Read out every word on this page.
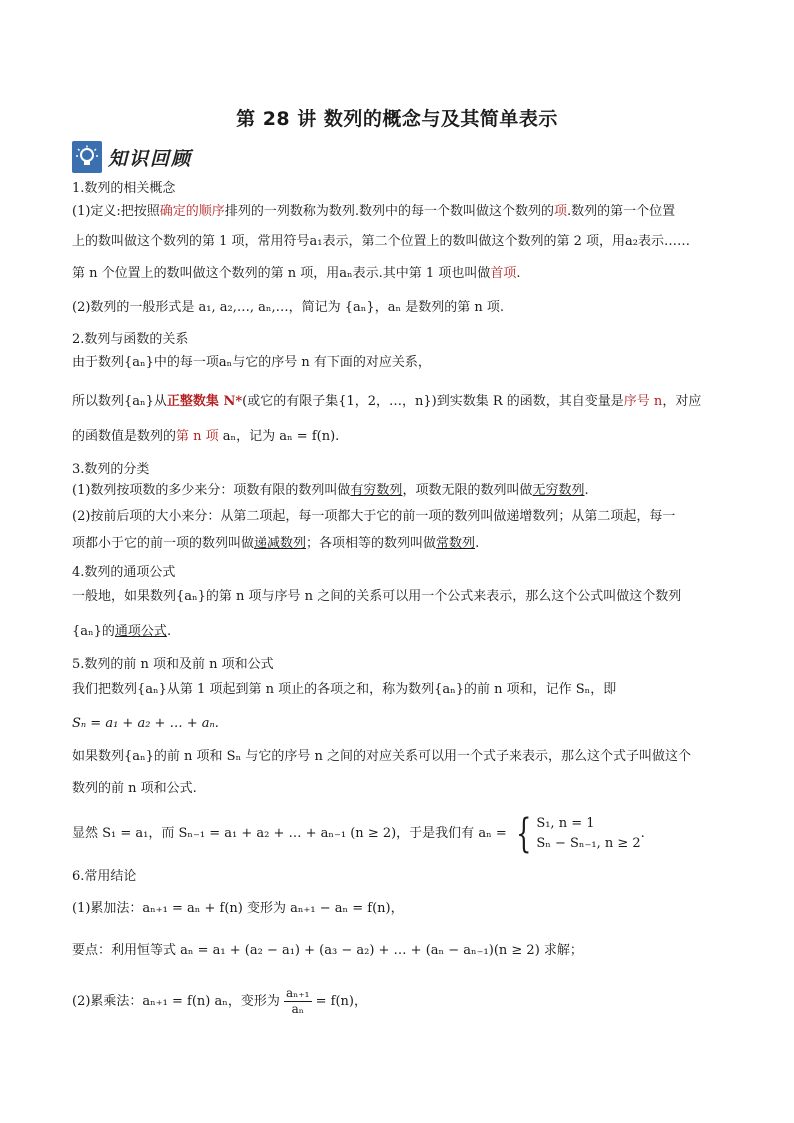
第 28 讲 数列的概念与及其简单表示
知识回顾
1.数列的相关概念
(1)定义:把按照确定的顺序排列的一列数称为数列.数列中的每一个数叫做这个数列的项.数列的第一个位置
上的数叫做这个数列的第 1 项，常用符号a₁表示，第二个位置上的数叫做这个数列的第 2 项，用a₂表示……
第 n 个位置上的数叫做这个数列的第 n 项，用aₙ表示.其中第 1 项也叫做首项.
(2)数列的一般形式是 a₁, a₂,…, aₙ,…，简记为 {aₙ}，aₙ 是数列的第 n 项.
2.数列与函数的关系
由于数列{aₙ}中的每一项aₙ与它的序号 n 有下面的对应关系，
所以数列{aₙ}从正整数集 N*(或它的有限子集{1，2，…，n})到实数集 R 的函数，其自变量是序号 n，对应
的函数值是数列的第 n 项 aₙ，记为 aₙ = f(n).
3.数列的分类
(1)数列按项数的多少来分：项数有限的数列叫做有穷数列，项数无限的数列叫做无穷数列.
(2)按前后项的大小来分：从第二项起，每一项都大于它的前一项的数列叫做递增数列；从第二项起，每一
项都小于它的前一项的数列叫做递减数列；各项相等的数列叫做常数列.
4.数列的通项公式
一般地，如果数列{aₙ}的第 n 项与序号 n 之间的关系可以用一个公式来表示，那么这个公式叫做这个数列
{aₙ}的通项公式.
5.数列的前 n 项和及前 n 项和公式
我们把数列{aₙ}从第 1 项起到第 n 项止的各项之和，称为数列{aₙ}的前 n 项和，记作 Sₙ，即
Sₙ = a₁ + a₂ + … + aₙ.
如果数列{aₙ}的前 n 项和 Sₙ 与它的序号 n 之间的对应关系可以用一个式子来表示，那么这个式子叫做这个
数列的前 n 项和公式.
显然 S₁ = a₁，而 Sₙ₋₁ = a₁ + a₂ + … + aₙ₋₁ (n ≥ 2)，于是我们有 aₙ = { S₁, n = 1
Sₙ − Sₙ₋₁, n ≥ 2
.
6.常用结论
(1)累加法：aₙ₊₁ = aₙ + f(n) 变形为 aₙ₊₁ − aₙ = f(n)，
要点：利用恒等式 aₙ = a₁ + (a₂ − a₁) + (a₃ − a₂) + … + (aₙ − aₙ₋₁)(n ≥ 2) 求解；
(2)累乘法：aₙ₊₁ = f(n) aₙ，变形为 $\frac{\text{aₙ₊₁}}{\text{aₙ}} = f(n)$，
